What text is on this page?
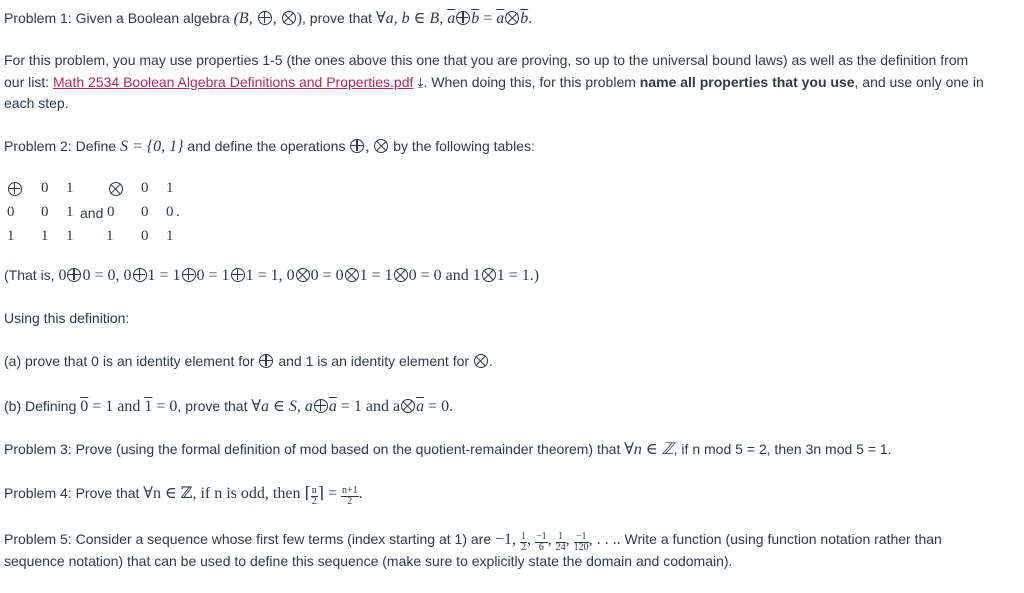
Problem 1: Given a Boolean algebra (B, , ), prove that ∀a, b ∈ B, a $b = \overline{a}$ $\overline{b}$.
For this problem, you may use properties 1-5 (the ones above this one that you are proving, so up to the universal bound laws) as well as the definition from
our list: Math 2534 Boolean Algebra Definitions and Properties.pdf ⤓. When doing this, for this problem name all properties that you use, and use only one in
each step.
Problem 2: Define S = {0, 1} and define the operations ,  by the following tables:
0 1
0 0 1
1 1 1
and
0 1
0 0 0 .
1 0 1
(That is, 0 0 = 0, 0 1 = 1 0 = 1 1 = 1, 0 0 = 0 1 = 1 0 = 0 and 1 1 = 1.)
Using this definition:
(a) prove that 0 is an identity element for  and 1 is an identity element for .
(b) Defining 0 = 1 and 1 = 0, prove that ∀a ∈ S, a $\overline{a} = 1$ and a $\overline{a} = 0$.
Problem 3: Prove (using the formal definition of mod based on the quotient-remainder theorem) that ∀n ∈ ℤ, if n mod 5 = 2, then 3n mod 5 = 1.
Problem 4: Prove that ∀n ∈ ℤ, if n is odd, then ⌈ $\frac{n}{2}$ ⌉ = $\frac{n+1}{2}$ .
Problem 5: Consider a sequence whose first few terms (index starting at 1) are −1, $\frac{1}{2}$ , $\frac{-1}{6}$ , $\frac{1}{24}$ , $\frac{-1}{120}$ , . . .. Write a function (using function notation rather than
sequence notation) that can be used to define this sequence (make sure to explicitly state the domain and codomain).
